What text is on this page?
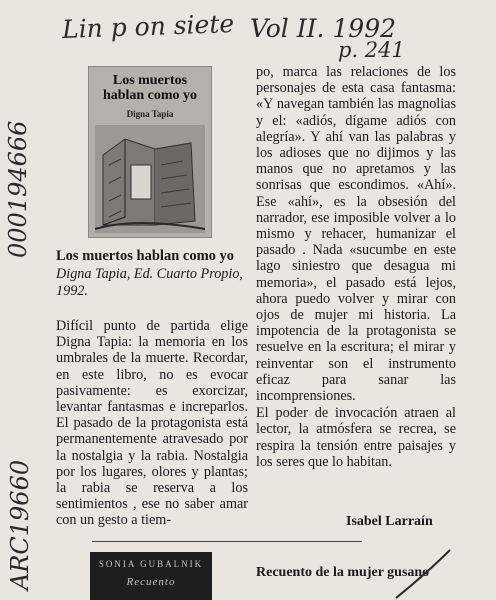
Lin p on siete Vol II. 1992
p. 241
000194666
ARC19660
Los muertos
hablan como yo
Digna Tapia
Los muertos hablan como yo
Digna Tapia, Ed. Cuarto Propio, 1992.

Difícil punto de partida elige Digna Tapia: la memoria en los umbrales de la muerte. Recordar, en este libro, no es evocar pasivamente: es exorcizar, levantar fantasmas e increparlos. El pasado de la protagonista está permanentemente atravesado por la nostalgia y la rabia. Nostalgia por los lugares, olores y plantas; la rabia se reserva a los sentimientos , ese no saber amar con un gesto a tiem-

po, marca las relaciones de los personajes de esta casa fantasma: «Y navegan también las magnolias y el: «adiós, dígame adiós con alegría». Y ahí van las palabras y los adioses que no dijimos y las manos que no apretamos y las sonrisas que escondimos. «Ahí». Ese «ahí», es la obsesión del narrador, ese imposible volver a lo mismo y rehacer, humanizar el pasado . Nada «sucumbe en este lago siniestro que desagua mi memoria», el pasado está lejos, ahora puedo volver y mirar con ojos de mujer mi historia. La impotencia de la protagonista se resuelve en la escritura; el mirar y reinventar son el instrumento eficaz para sanar las incomprensiones.

El poder de invocación atraen al lector, la atmósfera se recrea, se respira la tensión entre paisajes y los seres que lo habitan.

Isabel Larraín
SONIA GUBALNIK
Recuento
Recuento de la mujer gusano
